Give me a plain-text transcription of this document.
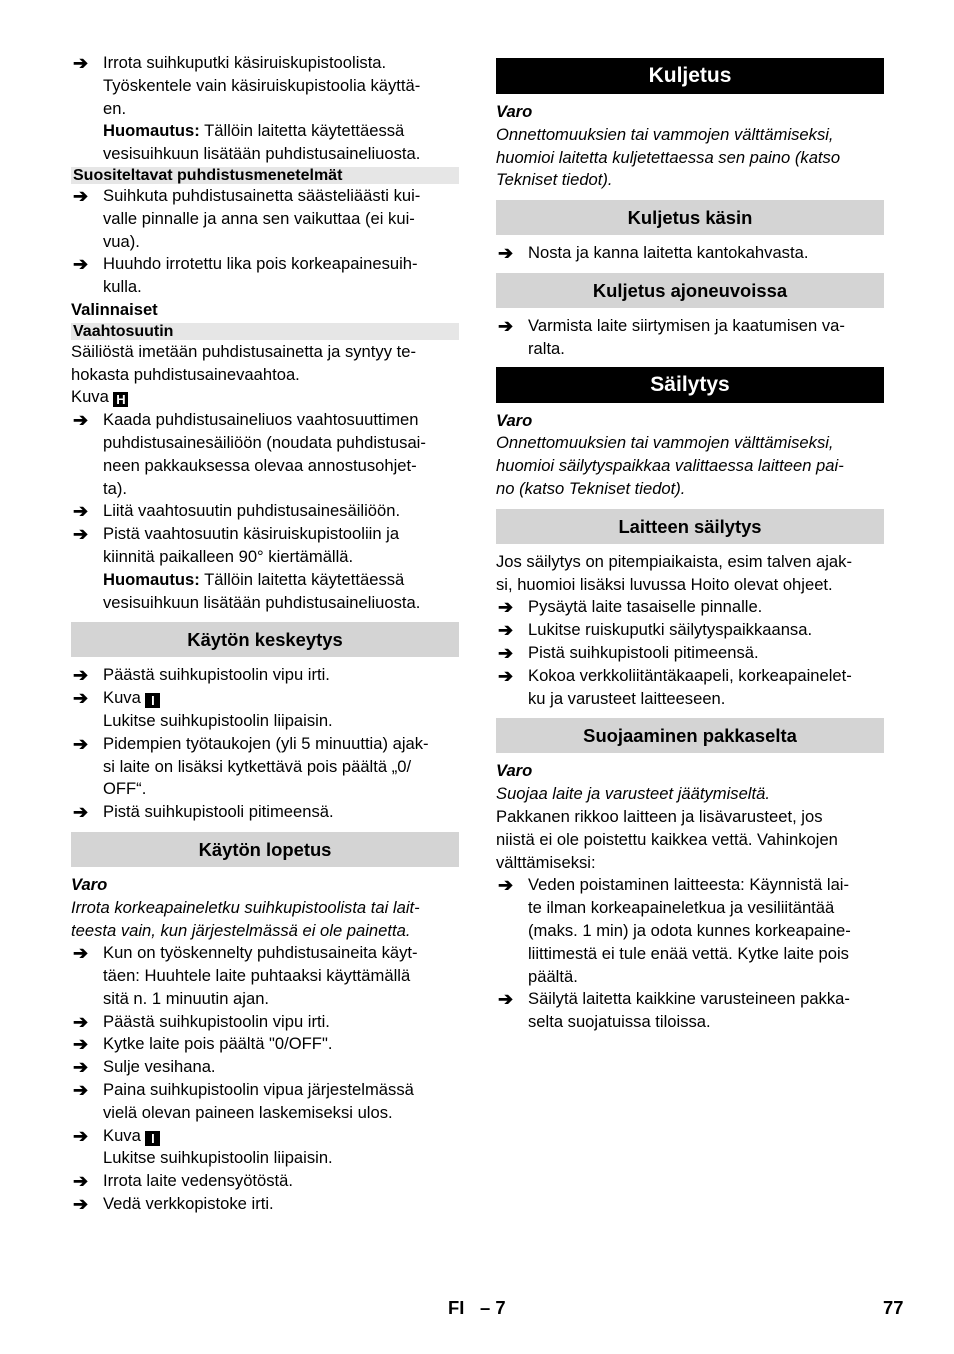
➔ Irrota suihkuputki käsiruiskupistoolista.
Työskentele vain käsiruiskupistoolia käyttä-
en.
Huomautus: Tällöin laitetta käytettäessä
vesisuihkuun lisätään puhdistusaineliuosta.
Suositeltavat puhdistusmenetelmät
➔ Suihkuta puhdistusainetta säästeliäästi kui-
valle pinnalle ja anna sen vaikuttaa (ei kui-
vua).
➔ Huuhdo irrotettu lika pois korkeapainesuih-
kulla.
Valinnaiset
Vaahtosuutin
Säiliöstä imetään puhdistusainetta ja syntyy te-
hokasta puhdistusainevaahtoa.
Kuva H
➔ Kaada puhdistusaineliuos vaahtosuuttimen
puhdistusainesäiliöön (noudata puhdistusai-
neen pakkauksessa olevaa annostusohjet-
ta).
➔ Liitä vaahtosuutin puhdistusainesäiliöön.
➔ Pistä vaahtosuutin käsiruiskupistooliin ja
kiinnitä paikalleen 90° kiertämällä.
Huomautus: Tällöin laitetta käytettäessä
vesisuihkuun lisätään puhdistusaineliuosta.
Käytön keskeytys
➔ Päästä suihkupistoolin vipu irti.
➔ Kuva I
Lukitse suihkupistoolin liipaisin.
➔ Pidempien työtaukojen (yli 5 minuuttia) ajak-
si laite on lisäksi kytkettävä pois päältä „0/
OFF“.
➔ Pistä suihkupistooli pitimeensä.
Käytön lopetus
Varo
Irrota korkeapaineletku suihkupistoolista tai lait-
teesta vain, kun järjestelmässä ei ole painetta.
➔ Kun on työskennelty puhdistusaineita käyt-
täen: Huuhtele laite puhtaaksi käyttämällä
sitä n. 1 minuutin ajan.
➔ Päästä suihkupistoolin vipu irti.
➔ Kytke laite pois päältä "0/OFF".
➔ Sulje vesihana.
➔ Paina suihkupistoolin vipua järjestelmässä
vielä olevan paineen laskemiseksi ulos.
➔ Kuva I
Lukitse suihkupistoolin liipaisin.
➔ Irrota laite vedensyötöstä.
➔ Vedä verkkopistoke irti.
Kuljetus
Varo
Onnettomuuksien tai vammojen välttämiseksi,
huomioi laitetta kuljetettaessa sen paino (katso
Tekniset tiedot).
Kuljetus käsin
➔ Nosta ja kanna laitetta kantokahvasta.
Kuljetus ajoneuvoissa
➔ Varmista laite siirtymisen ja kaatumisen va-
ralta.
Säilytys
Varo
Onnettomuuksien tai vammojen välttämiseksi,
huomioi säilytyspaikkaa valittaessa laitteen pai-
no (katso Tekniset tiedot).
Laitteen säilytys
Jos säilytys on pitempiaikaista, esim talven ajak-
si, huomioi lisäksi luvussa Hoito olevat ohjeet.
➔ Pysäytä laite tasaiselle pinnalle.
➔ Lukitse ruiskuputki säilytyspaikkaansa.
➔ Pistä suihkupistooli pitimeensä.
➔ Kokoa verkkoliitäntäkaapeli, korkeapainelet-
ku ja varusteet laitteeseen.
Suojaaminen pakkaselta
Varo
Suojaa laite ja varusteet jäätymiseltä.
Pakkanen rikkoo laitteen ja lisävarusteet, jos
niistä ei ole poistettu kaikkea vettä. Vahinkojen
välttämiseksi:
➔ Veden poistaminen laitteesta: Käynnistä lai-
te ilman korkeapaineletkua ja vesiliitäntää
(maks. 1 min) ja odota kunnes korkeapaine-
liittimestä ei tule enää vettä. Kytke laite pois
päältä.
➔ Säilytä laitetta kaikkine varusteineen pakka-
selta suojatuissa tiloissa.
FI – 7	77
